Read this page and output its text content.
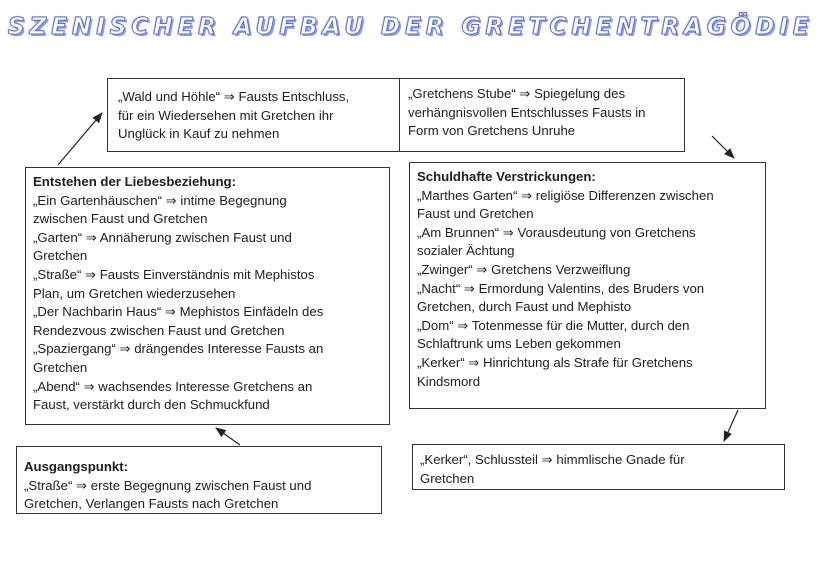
SZENISCHER AUFBAU DER GRETCHENTRAGÖDIE
„Wald und Höhle“ ⇒ Fausts Entschluss,
für ein Wiedersehen mit Gretchen ihr
Unglück in Kauf zu nehmen
„Gretchens Stube“ ⇒ Spiegelung des
verhängnisvollen Entschlusses Fausts in
Form von Gretchens Unruhe
Entstehen der Liebesbeziehung:
„Ein Gartenhäuschen“ ⇒ intime Begegnung
zwischen Faust und Gretchen
„Garten“ ⇒ Annäherung zwischen Faust und
Gretchen
„Straße“ ⇒ Fausts Einverständnis mit Mephistos
Plan, um Gretchen wiederzusehen
„Der Nachbarin Haus“ ⇒ Mephistos Einfädeln des
Rendezvous zwischen Faust und Gretchen
„Spaziergang“ ⇒ drängendes Interesse Fausts an
Gretchen
„Abend“ ⇒ wachsendes Interesse Gretchens an
Faust, verstärkt durch den Schmuckfund
Schuldhafte Verstrickungen:
„Marthes Garten“ ⇒ religiöse Differenzen zwischen
Faust und Gretchen
„Am Brunnen“ ⇒ Vorausdeutung von Gretchens
sozialer Ächtung
„Zwinger“ ⇒ Gretchens Verzweiflung
„Nacht“ ⇒ Ermordung Valentins, des Bruders von
Gretchen, durch Faust und Mephisto
„Dom“ ⇒ Totenmesse für die Mutter, durch den
Schlaftrunk ums Leben gekommen
„Kerker“ ⇒ Hinrichtung als Strafe für Gretchens
Kindsmord
Ausgangspunkt:
„Straße“ ⇒ erste Begegnung zwischen Faust und
Gretchen, Verlangen Fausts nach Gretchen
„Kerker“, Schlussteil ⇒ himmlische Gnade für
Gretchen
